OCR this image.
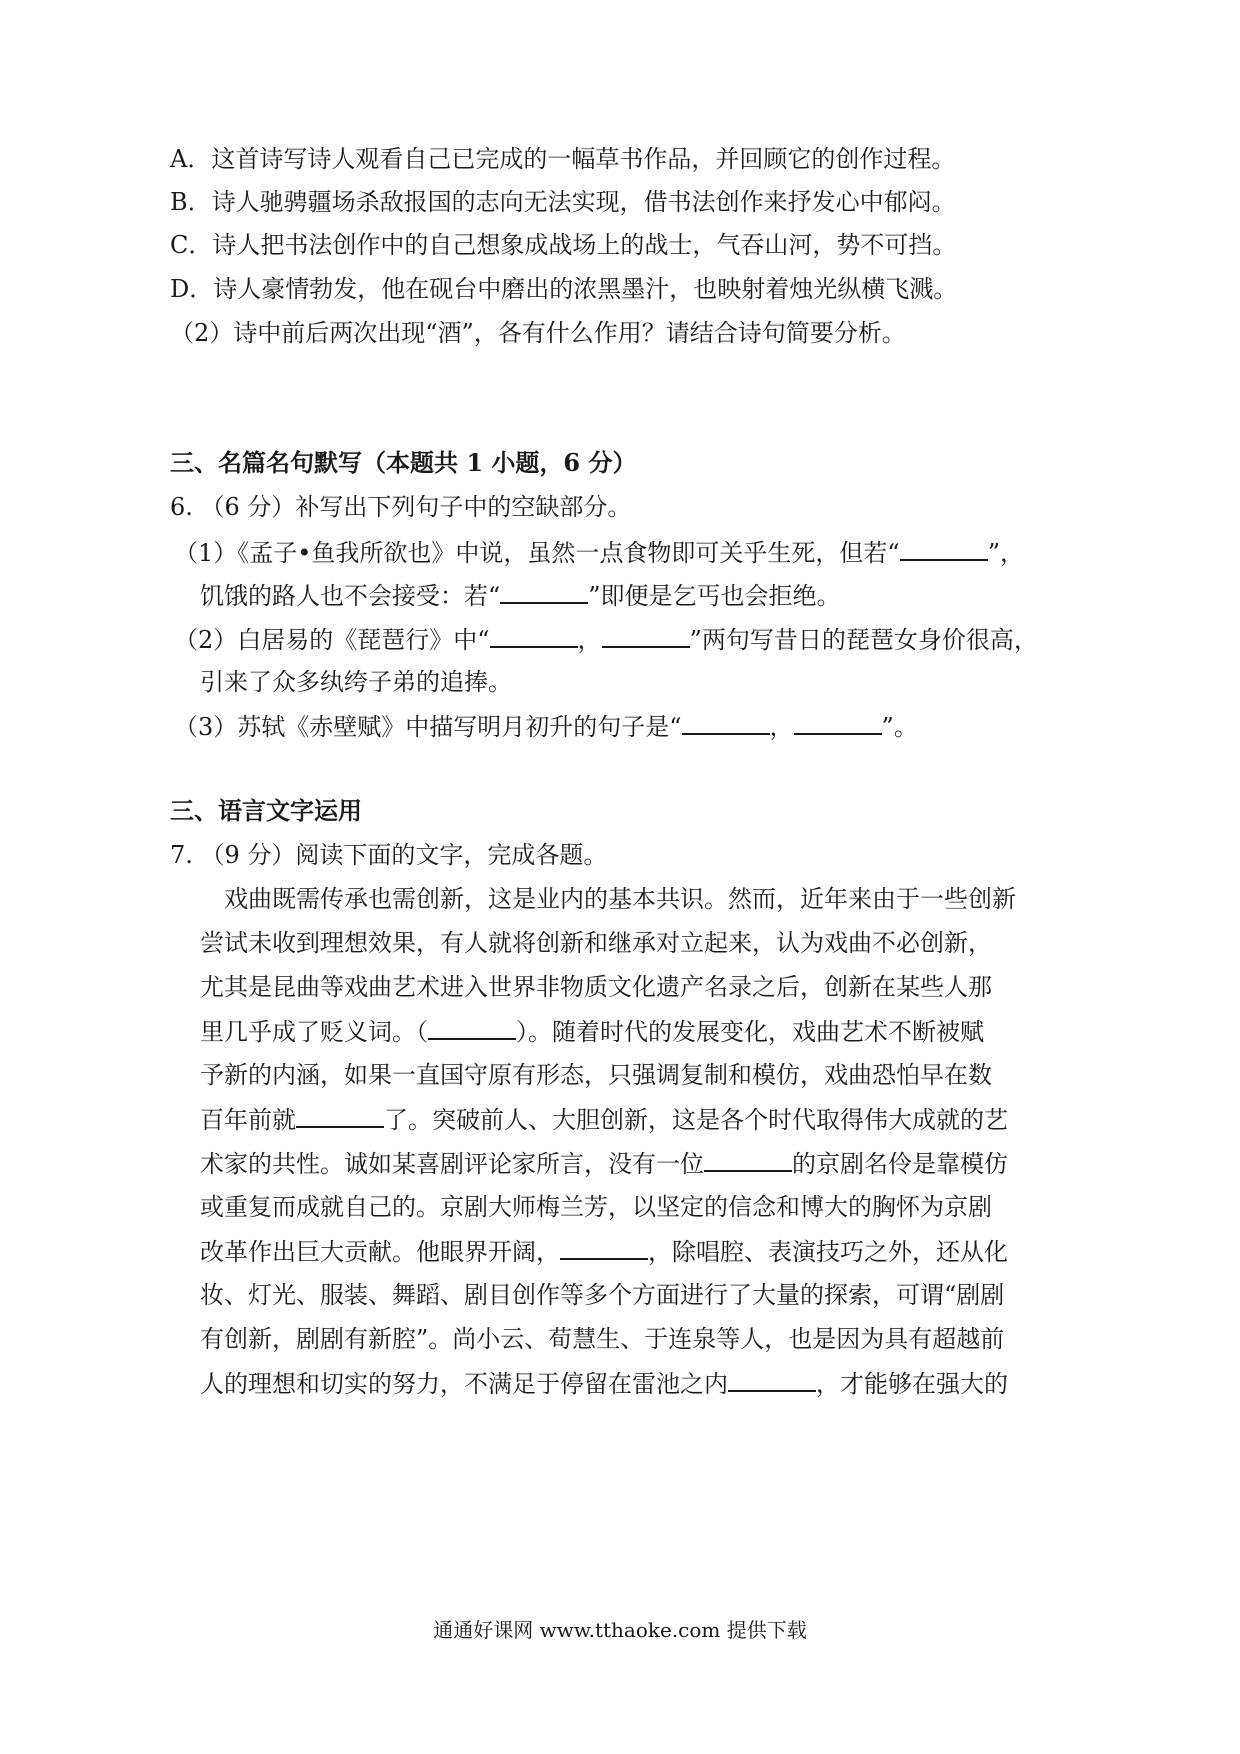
A．这首诗写诗人观看自己已完成的一幅草书作品，并回顾它的创作过程。
B．诗人驰骋疆场杀敌报国的志向无法实现，借书法创作来抒发心中郁闷。
C．诗人把书法创作中的自己想象成战场上的战士，气吞山河，势不可挡。
D．诗人豪情勃发，他在砚台中磨出的浓黑墨汁，也映射着烛光纵横飞溅。
（2）诗中前后两次出现“酒”，各有什么作用？请结合诗句简要分析。
三、名篇名句默写（本题共 1 小题，6 分）
6. （6 分）补写出下列句子中的空缺部分。
（1）《孟子•鱼我所欲也》中说，虽然一点食物即可关乎生死，但若“	”，
饥饿的路人也不会接受：若“	”即便是乞丐也会拒绝。
（2）白居易的《琵琶行》中“	，	”两句写昔日的琵琶女身价很高，
引来了众多纨绔子弟的追捧。
（3）苏轼《赤壁赋》中描写明月初升的句子是“	，	”。
三、语言文字运用
7. （9 分）阅读下面的文字，完成各题。
戏曲既需传承也需创新，这是业内的基本共识。然而，近年来由于一些创新
尝试未收到理想效果，有人就将创新和继承对立起来，认为戏曲不必创新，
尤其是昆曲等戏曲艺术进入世界非物质文化遗产名录之后，创新在某些人那
里几乎成了贬义词。（	）。随着时代的发展变化，戏曲艺术不断被赋
予新的内涵，如果一直国守原有形态，只强调复制和模仿，戏曲恐怕早在数
百年前就	了。突破前人、大胆创新，这是各个时代取得伟大成就的艺
术家的共性。诚如某喜剧评论家所言，没有一位	的京剧名伶是靠模仿
或重复而成就自己的。京剧大师梅兰芳，以坚定的信念和博大的胸怀为京剧
改革作出巨大贡献。他眼界开阔，	，除唱腔、表演技巧之外，还从化
妆、灯光、服装、舞蹈、剧目创作等多个方面进行了大量的探索，可谓“剧剧
有创新，剧剧有新腔”。尚小云、荀慧生、于连泉等人，也是因为具有超越前
人的理想和切实的努力，不满足于停留在雷池之内	，才能够在强大的
通通好课网 www.tthaoke.com 提供下载
